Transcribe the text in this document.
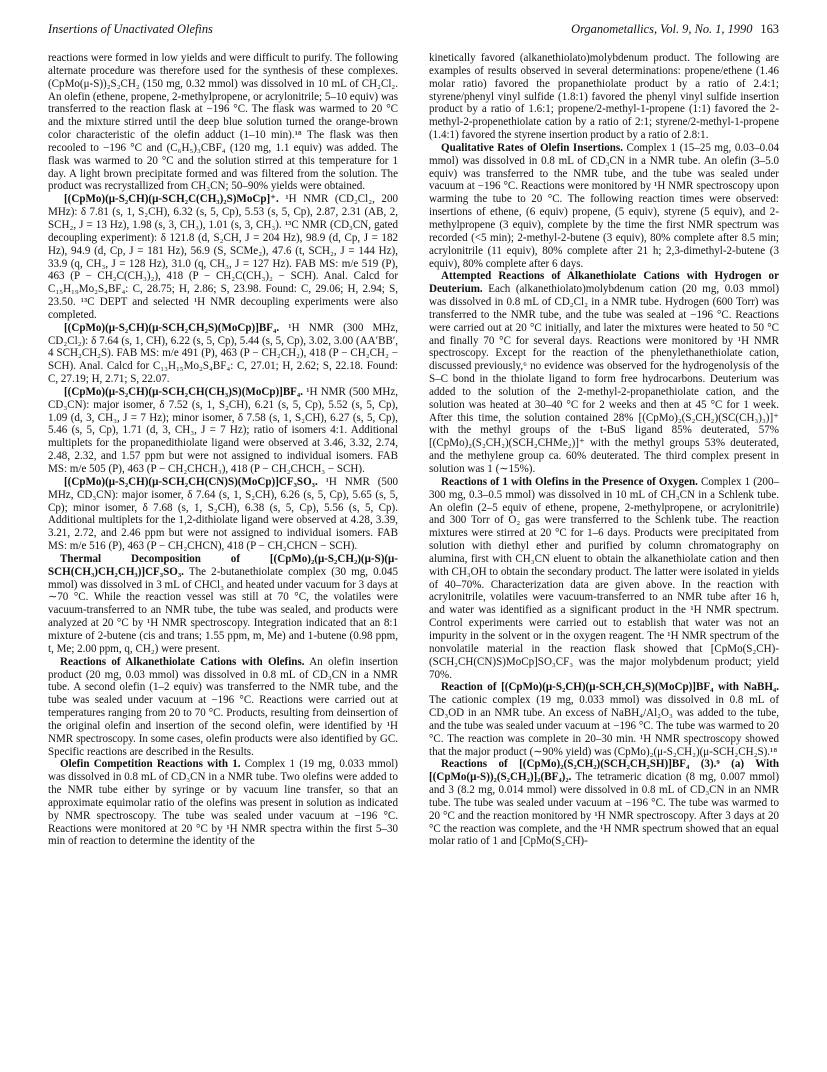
Insertions of Unactivated Olefins	Organometallics, Vol. 9, No. 1, 1990 163

reactions were formed in low yields and were difficult to purify. The following alternate procedure was therefore used for the synthesis of these complexes. (CpMo(μ-S))₂S₂CH₂ (150 mg, 0.32 mmol) was dissolved in 10 mL of CH₂Cl₂. An olefin (ethene, propene, 2-methylpropene, or acrylonitrile; 5–10 equiv) was transferred to the reaction flask at −196 °C. The flask was warmed to 20 °C and the mixture stirred until the deep blue solution turned the orange-brown color characteristic of the olefin adduct (1–10 min).¹⁸ The flask was then recooled to −196 °C and (C₆H₅)₃CBF₄ (120 mg, 1.1 equiv) was added. The flask was warmed to 20 °C and the solution stirred at this temperature for 1 day. A light brown precipitate formed and was filtered from the solution. The product was recrystallized from CH₃CN; 50–90% yields were obtained.

[(CpMo)(μ-S₂CH)(μ-SCH₂C(CH₃)₂S)MoCp]⁺. ¹H NMR (CD₂Cl₂, 200 MHz): δ 7.81 (s, 1, S₂CH), 6.32 (s, 5, Cp), 5.53 (s, 5, Cp), 2.87, 2.31 (AB, 2, SCH₂, J = 13 Hz), 1.98 (s, 3, CH₃), 1.01 (s, 3, CH₃). ¹³C NMR (CD₃CN, gated decoupling experiment): δ 121.8 (d, S₂CH, J = 204 Hz), 98.9 (d, Cp, J = 182 Hz), 94.9 (d, Cp, J = 181 Hz), 56.9 (S, SCMe₂), 47.6 (t, SCH₂, J = 144 Hz), 33.9 (q, CH₃, J = 128 Hz), 31.0 (q, CH₃, J = 127 Hz). FAB MS: m/e 519 (P), 463 (P − CH₂C(CH₃)₂), 418 (P − CH₂C(CH₃)₂ − SCH). Anal. Calcd for C₁₅H₁₉Mo₂S₄BF₄: C, 28.75; H, 2.86; S, 23.98. Found: C, 29.06; H, 2.94; S, 23.50. ¹³C DEPT and selected ¹H NMR decoupling experiments were also completed.

[(CpMo)(μ-S₂CH)(μ-SCH₂CH₂S)(MoCp)]BF₄. ¹H NMR (300 MHz, CD₂Cl₂): δ 7.64 (s, 1, CH), 6.22 (s, 5, Cp), 5.44 (s, 5, Cp), 3.02, 3.00 (AA′BB′, 4 SCH₂CH₂S). FAB MS: m/e 491 (P), 463 (P − CH₂CH₂), 418 (P − CH₂CH₂ − SCH). Anal. Calcd for C₁₃H₁₅Mo₂S₄BF₄: C, 27.01; H, 2.62; S, 22.18. Found: C, 27.19; H, 2.71; S, 22.07.

[(CpMo)(μ-S₂CH)(μ-SCH₂CH(CH₃)S)(MoCp)]BF₄. ¹H NMR (500 MHz, CD₃CN): major isomer, δ 7.52 (s, 1, S₂CH), 6.21 (s, 5, Cp), 5.52 (s, 5, Cp), 1.09 (d, 3, CH₃, J = 7 Hz); minor isomer, δ 7.58 (s, 1, S₂CH), 6.27 (s, 5, Cp), 5.46 (s, 5, Cp), 1.71 (d, 3, CH₃, J = 7 Hz); ratio of isomers 4:1. Additional multiplets for the propanedithiolate ligand were observed at 3.46, 3.32, 2.74, 2.48, 2.32, and 1.57 ppm but were not assigned to individual isomers. FAB MS: m/e 505 (P), 463 (P − CH₂CHCH₃), 418 (P − CH₂CHCH₃ − SCH).

[(CpMo)(μ-S₂CH)(μ-SCH₂CH(CN)S)(MoCp)]CF₃SO₃. ¹H NMR (500 MHz, CD₃CN): major isomer, δ 7.64 (s, 1, S₂CH), 6.26 (s, 5, Cp), 5.65 (s, 5, Cp); minor isomer, δ 7.68 (s, 1, S₂CH), 6.38 (s, 5, Cp), 5.56 (s, 5, Cp). Additional multiplets for the 1,2-dithiolate ligand were observed at 4.28, 3.39, 3.21, 2.72, and 2.46 ppm but were not assigned to individual isomers. FAB MS: m/e 516 (P), 463 (P − CH₂CHCN), 418 (P − CH₂CHCN − SCH).

Thermal Decomposition of [(CpMo)₂(μ-S₂CH₂)(μ-S)(μ-SCH(CH₃)CH₂CH₃)]CF₃SO₃. The 2-butanethiolate complex (30 mg, 0.045 mmol) was dissolved in 3 mL of CHCl₃ and heated under vacuum for 3 days at ∼70 °C. While the reaction vessel was still at 70 °C, the volatiles were vacuum-transferred to an NMR tube, the tube was sealed, and products were analyzed at 20 °C by ¹H NMR spectroscopy. Integration indicated that an 8:1 mixture of 2-butene (cis and trans; 1.55 ppm, m, Me) and 1-butene (0.98 ppm, t, Me; 2.00 ppm, q, CH₂) were present.

Reactions of Alkanethiolate Cations with Olefins. An olefin insertion product (20 mg, 0.03 mmol) was dissolved in 0.8 mL of CD₃CN in a NMR tube. A second olefin (1–2 equiv) was transferred to the NMR tube, and the tube was sealed under vacuum at −196 °C. Reactions were carried out at temperatures ranging from 20 to 70 °C. Products, resulting from deinsertion of the original olefin and insertion of the second olefin, were identified by ¹H NMR spectroscopy. In some cases, olefin products were also identified by GC. Specific reactions are described in the Results.

Olefin Competition Reactions with 1. Complex 1 (19 mg, 0.033 mmol) was dissolved in 0.8 mL of CD₃CN in a NMR tube. Two olefins were added to the NMR tube either by syringe or by vacuum line transfer, so that an approximate equimolar ratio of the olefins was present in solution as indicated by NMR spectroscopy. The tube was sealed under vacuum at −196 °C. Reactions were monitored at 20 °C by ¹H NMR spectra within the first 5–30 min of reaction to determine the identity of the

kinetically favored (alkanethiolato)molybdenum product. The following are examples of results observed in several determinations: propene/ethene (1.46 molar ratio) favored the propanethiolate product by a ratio of 2.4:1; styrene/phenyl vinyl sulfide (1.8:1) favored the phenyl vinyl sulfide insertion product by a ratio of 1.6:1; propene/2-methyl-1-propene (1:1) favored the 2-methyl-2-propenethiolate cation by a ratio of 2:1; styrene/2-methyl-1-propene (1.4:1) favored the styrene insertion product by a ratio of 2.8:1.

Qualitative Rates of Olefin Insertions. Complex 1 (15–25 mg, 0.03–0.04 mmol) was dissolved in 0.8 mL of CD₃CN in a NMR tube. An olefin (3–5.0 equiv) was transferred to the NMR tube, and the tube was sealed under vacuum at −196 °C. Reactions were monitored by ¹H NMR spectroscopy upon warming the tube to 20 °C. The following reaction times were observed: insertions of ethene, (6 equiv) propene, (5 equiv), styrene (5 equiv), and 2-methylpropene (3 equiv), complete by the time the first NMR spectrum was recorded (<5 min); 2-methyl-2-butene (3 equiv), 80% complete after 8.5 min; acrylonitrile (11 equiv), 80% complete after 21 h; 2,3-dimethyl-2-butene (3 equiv), 80% complete after 6 days.

Attempted Reactions of Alkanethiolate Cations with Hydrogen or Deuterium. Each (alkanethiolato)molybdenum cation (20 mg, 0.03 mmol) was dissolved in 0.8 mL of CD₂Cl₂ in a NMR tube. Hydrogen (600 Torr) was transferred to the NMR tube, and the tube was sealed at −196 °C. Reactions were carried out at 20 °C initially, and later the mixtures were heated to 50 °C and finally 70 °C for several days. Reactions were monitored by ¹H NMR spectroscopy. Except for the reaction of the phenylethanethiolate cation, discussed previously,⁶ no evidence was observed for the hydrogenolysis of the S–C bond in the thiolate ligand to form free hydrocarbons. Deuterium was added to the solution of the 2-methyl-2-propanethiolate cation, and the solution was heated at 30–40 °C for 2 weeks and then at 45 °C for 1 week. After this time, the solution contained 28% [(CpMo)₂(S₂CH₂)(SC(CH₃)₃)]⁺ with the methyl groups of the t-BuS ligand 85% deuterated, 57% [(CpMo)₂(S₂CH₂)(SCH₂CHMe₂)]⁺ with the methyl groups 53% deuterated, and the methylene group ca. 60% deuterated. The third complex present in solution was 1 (∼15%).

Reactions of 1 with Olefins in the Presence of Oxygen. Complex 1 (200–300 mg, 0.3–0.5 mmol) was dissolved in 10 mL of CH₃CN in a Schlenk tube. An olefin (2–5 equiv of ethene, propene, 2-methylpropene, or acrylonitrile) and 300 Torr of O₂ gas were transferred to the Schlenk tube. The reaction mixtures were stirred at 20 °C for 1–6 days. Products were precipitated from solution with diethyl ether and purified by column chromatography on alumina, first with CH₃CN eluent to obtain the alkanethiolate cation and then with CH₃OH to obtain the secondary product. The latter were isolated in yields of 40–70%. Characterization data are given above. In the reaction with acrylonitrile, volatiles were vacuum-transferred to an NMR tube after 16 h, and water was identified as a significant product in the ¹H NMR spectrum. Control experiments were carried out to establish that water was not an impurity in the solvent or in the oxygen reagent. The ¹H NMR spectrum of the nonvolatile material in the reaction flask showed that [CpMo(S₂CH)-(SCH₂CH(CN)S)MoCp]SO₃CF₃ was the major molybdenum product; yield 70%.

Reaction of [(CpMo)(μ-S₂CH)(μ-SCH₂CH₂S)(MoCp)]BF₄ with NaBH₄. The cationic complex (19 mg, 0.033 mmol) was dissolved in 0.8 mL of CD₃OD in an NMR tube. An excess of NaBH₄/Al₂O₃ was added to the tube, and the tube was sealed under vacuum at −196 °C. The tube was warmed to 20 °C. The reaction was complete in 20–30 min. ¹H NMR spectroscopy showed that the major product (∼90% yield) was (CpMo)₂(μ-S₂CH₂)(μ-SCH₂CH₂S).¹⁸

Reactions of [(CpMo)₂(S₂CH₂)(SCH₂CH₂SH)]BF₄ (3).⁹ (a) With [(CpMo(μ-S))₂(S₂CH₂)]₂(BF₄)₂. The tetrameric dication (8 mg, 0.007 mmol) and 3 (8.2 mg, 0.014 mmol) were dissolved in 0.8 mL of CD₃CN in an NMR tube. The tube was sealed under vacuum at −196 °C. The tube was warmed to 20 °C and the reaction monitored by ¹H NMR spectroscopy. After 3 days at 20 °C the reaction was complete, and the ¹H NMR spectrum showed that an equal molar ratio of 1 and [CpMo(S₂CH)-
